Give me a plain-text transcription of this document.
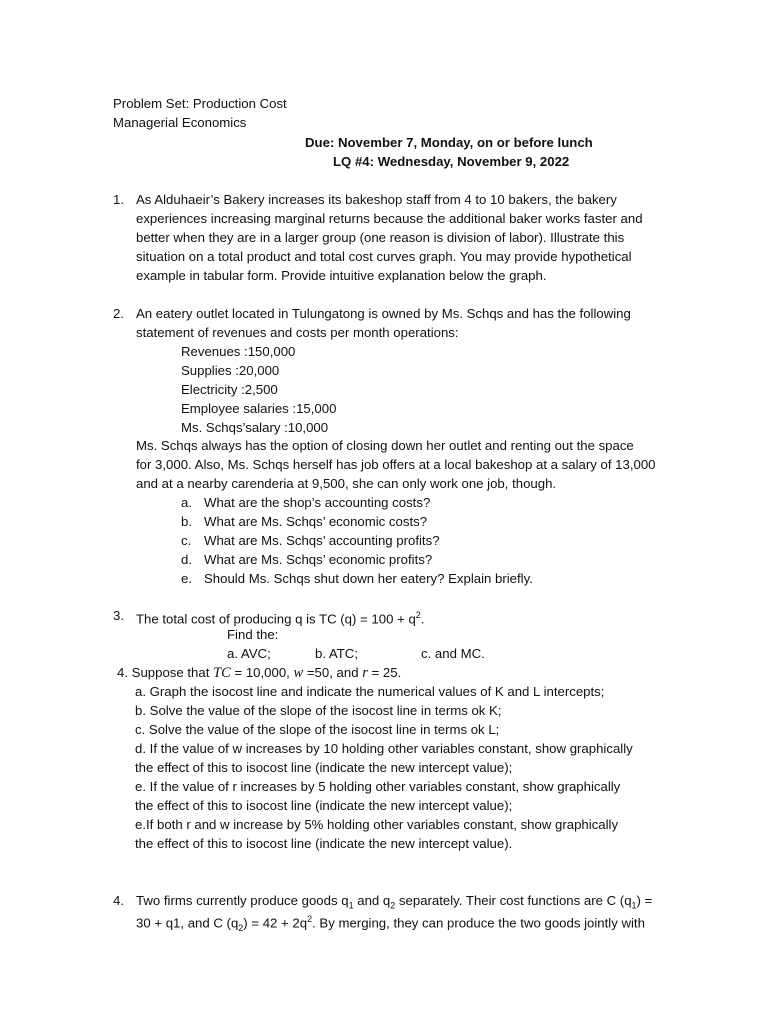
Problem Set: Production Cost
Managerial Economics
Due: November 7, Monday, on or before lunch
LQ #4: Wednesday, November 9, 2022
1. As Alduhaeir’s Bakery increases its bakeshop staff from 4 to 10 bakers, the bakery
experiences increasing marginal returns because the additional baker works faster and
better when they are in a larger group (one reason is division of labor). Illustrate this
situation on a total product and total cost curves graph. You may provide hypothetical
example in tabular form. Provide intuitive explanation below the graph.
2. An eatery outlet located in Tulungatong is owned by Ms. Schqs and has the following
statement of revenues and costs per month operations:
Revenues :150,000
Supplies :20,000
Electricity :2,500
Employee salaries :15,000
Ms. Schqs’salary :10,000
Ms. Schqs always has the option of closing down her outlet and renting out the space
for 3,000. Also, Ms. Schqs herself has job offers at a local bakeshop at a salary of 13,000
and at a nearby carenderia at 9,500, she can only work one job, though.
a. What are the shop’s accounting costs?
b. What are Ms. Schqs’ economic costs?
c. What are Ms. Schqs’ accounting profits?
d. What are Ms. Schqs’ economic profits?
e. Should Ms. Schqs shut down her eatery? Explain briefly.
3. The total cost of producing q is TC $(q) = 100 + q^2$.
Find the:
a. AVC;	b. ATC;	c. and MC.
4. Suppose that TC = 10,000, w =50, and r = 25.
a. Graph the isocost line and indicate the numerical values of K and L intercepts;
b. Solve the value of the slope of the isocost line in terms ok K;
c. Solve the value of the slope of the isocost line in terms ok L;
d. If the value of w increases by 10 holding other variables constant, show graphically
the effect of this to isocost line (indicate the new intercept value);
e. If the value of r increases by 5 holding other variables constant, show graphically
the effect of this to isocost line (indicate the new intercept value);
e.If both r and w increase by 5% holding other variables constant, show graphically
the effect of this to isocost line (indicate the new intercept value).
4. Two firms currently produce goods $q_1$ and $q_2$ separately. Their cost functions are C $(q_1)$ =
30 + q1, and C $(q_2) = 42 + 2q^2$. By merging, they can produce the two goods jointly with
